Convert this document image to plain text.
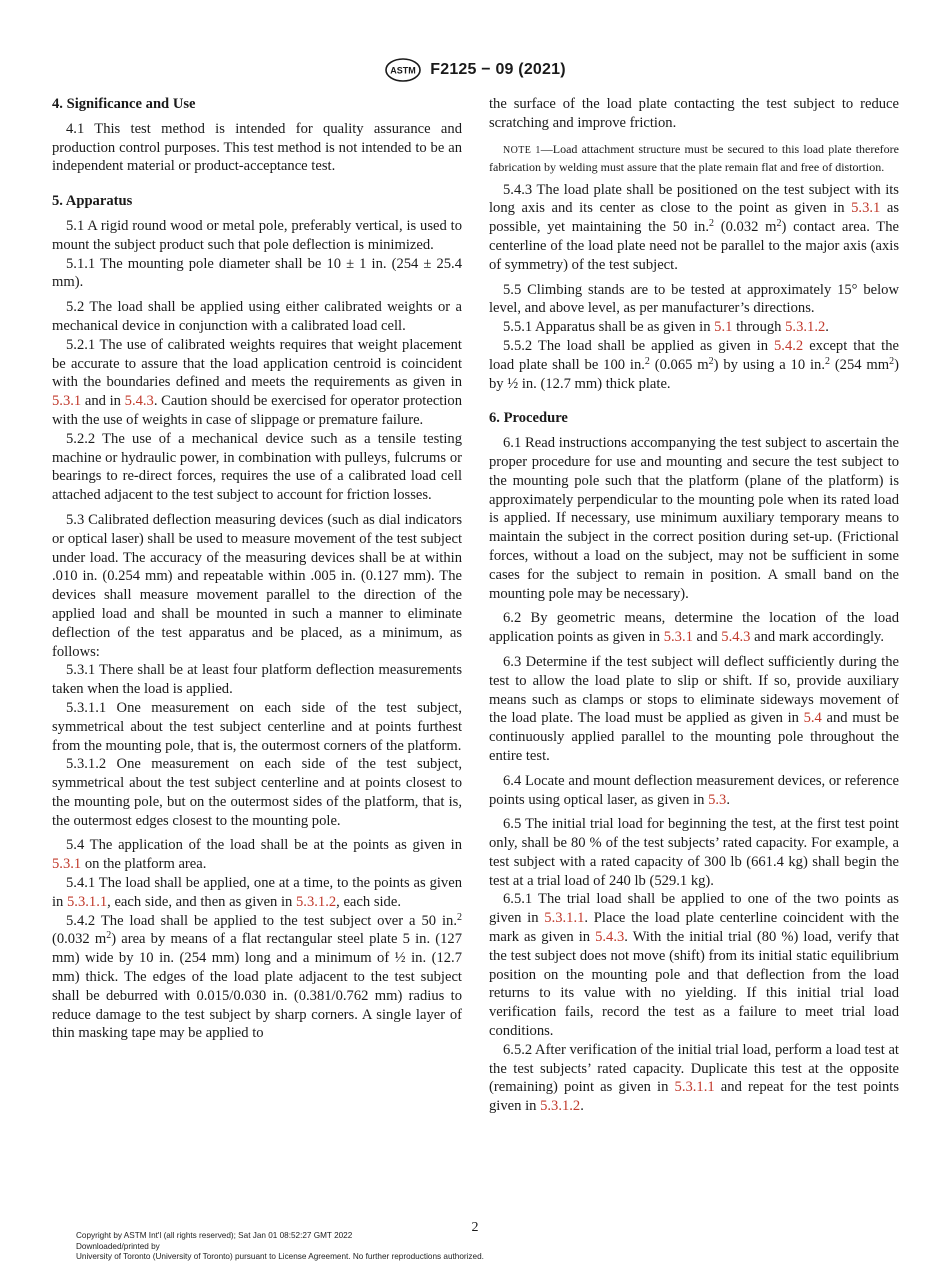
ASTM F2125 − 09 (2021)
4. Significance and Use

4.1 This test method is intended for quality assurance and production control purposes. This test method is not intended to be an independent material or product-acceptance test.

5. Apparatus

5.1 A rigid round wood or metal pole, preferably vertical, is used to mount the subject product such that pole deflection is minimized.

5.1.1 The mounting pole diameter shall be 10 ± 1 in. (254 ± 25.4 mm).

5.2 The load shall be applied using either calibrated weights or a mechanical device in conjunction with a calibrated load cell.

5.2.1 The use of calibrated weights requires that weight placement be accurate to assure that the load application centroid is coincident with the boundaries defined and meets the requirements as given in 5.3.1 and in 5.4.3. Caution should be exercised for operator protection with the use of weights in case of slippage or premature failure.

5.2.2 The use of a mechanical device such as a tensile testing machine or hydraulic power, in combination with pulleys, fulcrums or bearings to re-direct forces, requires the use of a calibrated load cell attached adjacent to the test subject to account for friction losses.

5.3 Calibrated deflection measuring devices (such as dial indicators or optical laser) shall be used to measure movement of the test subject under load. The accuracy of the measuring devices shall be at within .010 in. (0.254 mm) and repeatable within .005 in. (0.127 mm). The devices shall measure movement parallel to the direction of the applied load and shall be mounted in such a manner to eliminate deflection of the test apparatus and be placed, as a minimum, as follows:

5.3.1 There shall be at least four platform deflection measurements taken when the load is applied.

5.3.1.1 One measurement on each side of the test subject, symmetrical about the test subject centerline and at points furthest from the mounting pole, that is, the outermost corners of the platform.

5.3.1.2 One measurement on each side of the test subject, symmetrical about the test subject centerline and at points closest to the mounting pole, but on the outermost sides of the platform, that is, the outermost edges closest to the mounting pole.

5.4 The application of the load shall be at the points as given in 5.3.1 on the platform area.

5.4.1 The load shall be applied, one at a time, to the points as given in 5.3.1.1, each side, and then as given in 5.3.1.2, each side.

5.4.2 The load shall be applied to the test subject over a 50 in.$^2$ (0.032 $m^2$) area by means of a flat rectangular steel plate 5 in. (127 mm) wide by 10 in. (254 mm) long and a minimum of ½ in. (12.7 mm) thick. The edges of the load plate adjacent to the test subject shall be deburred with 0.015/0.030 in. (0.381/0.762 mm) radius to reduce damage to the test subject by sharp corners. A single layer of thin masking tape may be applied to

the surface of the load plate contacting the test subject to reduce scratching and improve friction.

NOTE 1—Load attachment structure must be secured to this load plate therefore fabrication by welding must assure that the plate remain flat and free of distortion.

5.4.3 The load plate shall be positioned on the test subject with its long axis and its center as close to the point as given in 5.3.1 as possible, yet maintaining the 50 in.$^2$ (0.032 $m^2$) contact area. The centerline of the load plate need not be parallel to the major axis (axis of symmetry) of the test subject.

5.5 Climbing stands are to be tested at approximately 15° below level, and above level, as per manufacturer’s directions.

5.5.1 Apparatus shall be as given in 5.1 through 5.3.1.2.

5.5.2 The load shall be applied as given in 5.4.2 except that the load plate shall be 100 in.$^2$ (0.065 $m^2$) by using a 10 in.$^2$ (254 $mm^2$) by ½ in. (12.7 mm) thick plate.

6. Procedure

6.1 Read instructions accompanying the test subject to ascertain the proper procedure for use and mounting and secure the test subject to the mounting pole such that the platform (plane of the platform) is approximately perpendicular to the mounting pole when its rated load is applied. If necessary, use minimum auxiliary temporary means to maintain the subject in the correct position during set-up. (Frictional forces, without a load on the subject, may not be sufficient in some cases for the subject to remain in position. A small band on the mounting pole may be necessary).

6.2 By geometric means, determine the location of the load application points as given in 5.3.1 and 5.4.3 and mark accordingly.

6.3 Determine if the test subject will deflect sufficiently during the test to allow the load plate to slip or shift. If so, provide auxiliary means such as clamps or stops to eliminate sideways movement of the load plate. The load must be applied as given in 5.4 and must be continuously applied parallel to the mounting pole throughout the entire test.

6.4 Locate and mount deflection measurement devices, or reference points using optical laser, as given in 5.3.

6.5 The initial trial load for beginning the test, at the first test point only, shall be 80 % of the test subjects’ rated capacity. For example, a test subject with a rated capacity of 300 lb (661.4 kg) shall begin the test at a trial load of 240 lb (529.1 kg).

6.5.1 The trial load shall be applied to one of the two points as given in 5.3.1.1. Place the load plate centerline coincident with the mark as given in 5.4.3. With the initial trial (80 %) load, verify that the test subject does not move (shift) from its initial static equilibrium position on the mounting pole and that deflection from the load returns to its value with no yielding. If this initial trial load verification fails, record the test as a failure to meet trial load conditions.

6.5.2 After verification of the initial trial load, perform a load test at the test subjects’ rated capacity. Duplicate this test at the opposite (remaining) point as given in 5.3.1.1 and repeat for the test points given in 5.3.1.2.

2
Copyright by ASTM Int'l (all rights reserved); Sat Jan 01 08:52:27 GMT 2022
Downloaded/printed by
University of Toronto (University of Toronto) pursuant to License Agreement. No further reproductions authorized.
